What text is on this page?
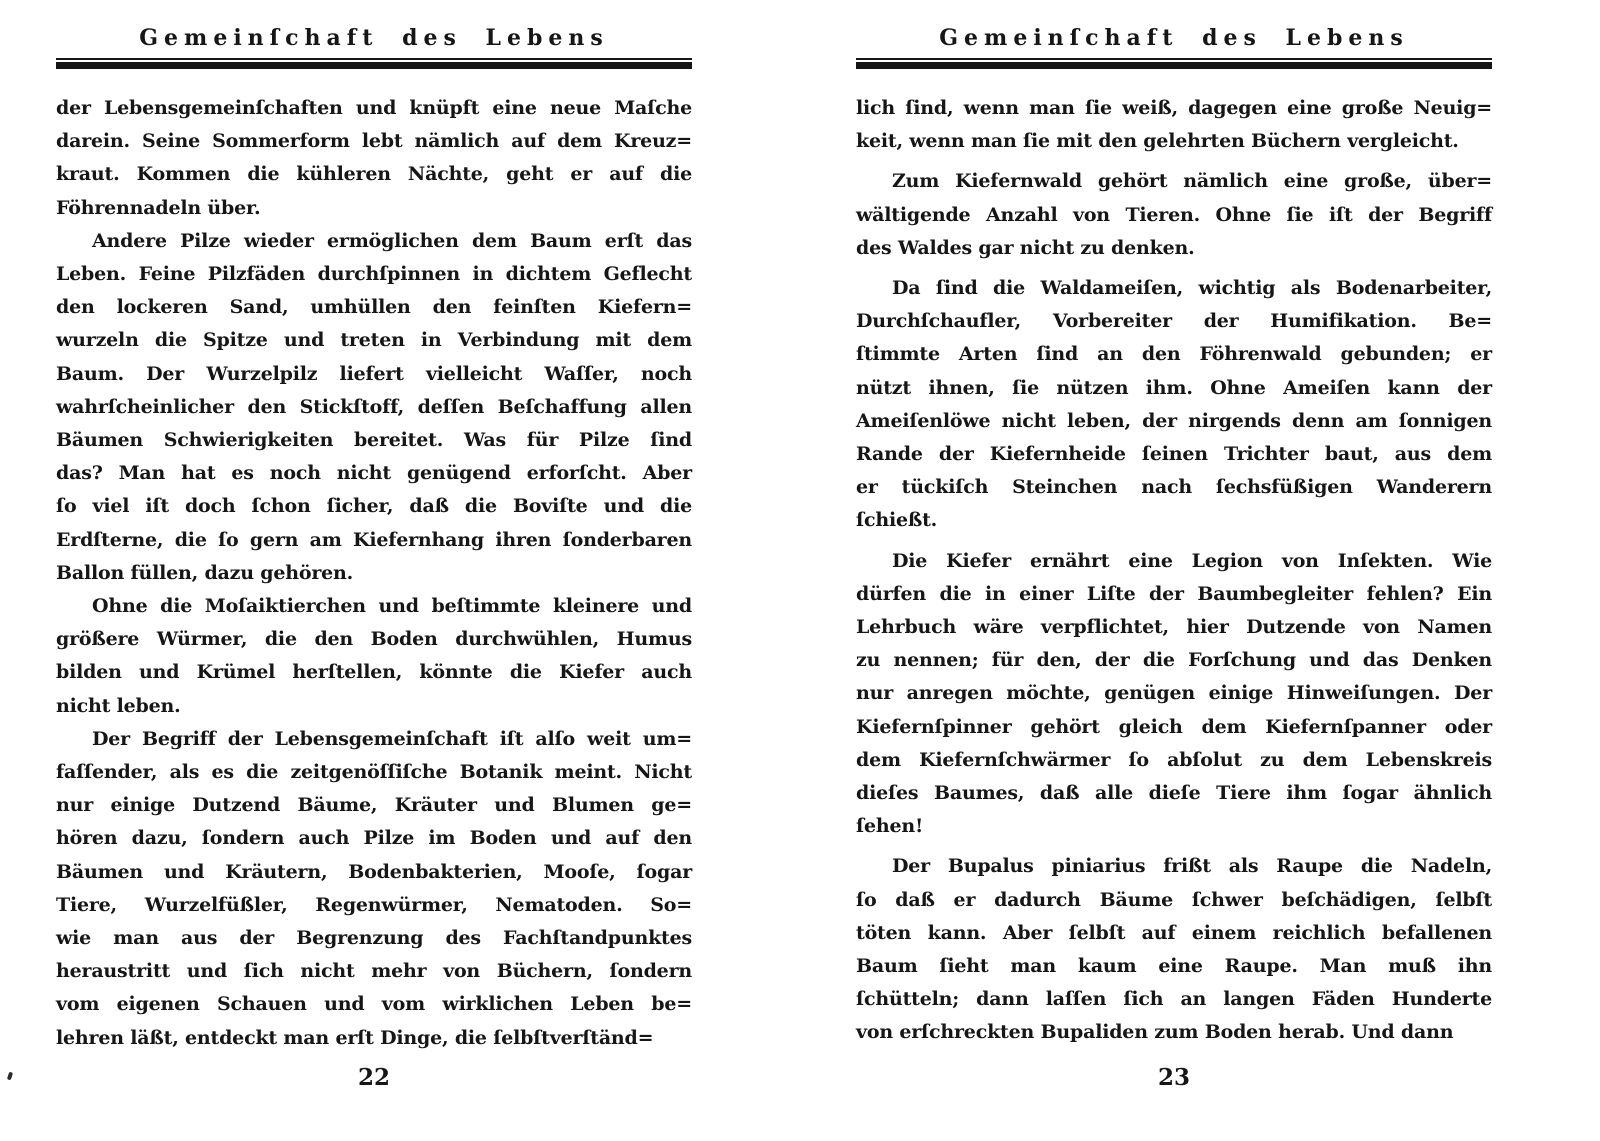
Gemeinſchaft des Lebens
der Lebensgemeinſchaften und knüpft eine neue Maſche
darein. Seine Sommerform lebt nämlich auf dem Kreuz=
kraut. Kommen die kühleren Nächte, geht er auf die
Föhrennadeln über.
Andere Pilze wieder ermöglichen dem Baum erſt das
Leben. Feine Pilzfäden durchſpinnen in dichtem Geflecht
den lockeren Sand, umhüllen den feinſten Kiefern=
wurzeln die Spitze und treten in Verbindung mit dem
Baum. Der Wurzelpilz liefert vielleicht Waſſer, noch
wahrſcheinlicher den Stickſtoff, deſſen Beſchaffung allen
Bäumen Schwierigkeiten bereitet. Was für Pilze ſind
das? Man hat es noch nicht genügend erforſcht. Aber
ſo viel iſt doch ſchon ſicher, daß die Boviſte und die
Erdſterne, die ſo gern am Kiefernhang ihren ſonderbaren
Ballon füllen, dazu gehören.
Ohne die Moſaiktierchen und beſtimmte kleinere und
größere Würmer, die den Boden durchwühlen, Humus
bilden und Krümel herſtellen, könnte die Kiefer auch
nicht leben.
Der Begriff der Lebensgemeinſchaft iſt alſo weit um=
faſſender, als es die zeitgenöſſiſche Botanik meint. Nicht
nur einige Dutzend Bäume, Kräuter und Blumen ge=
hören dazu, ſondern auch Pilze im Boden und auf den
Bäumen und Kräutern, Bodenbakterien, Mooſe, ſogar
Tiere, Wurzelfüßler, Regenwürmer, Nematoden. So=
wie man aus der Begrenzung des Fachſtandpunktes
heraustritt und ſich nicht mehr von Büchern, ſondern
vom eigenen Schauen und vom wirklichen Leben be=
lehren läßt, entdeckt man erſt Dinge, die ſelbſtverſtänd=
22
Gemeinſchaft des Lebens
lich ſind, wenn man ſie weiß, dagegen eine große Neuig=
keit, wenn man ſie mit den gelehrten Büchern vergleicht.
Zum Kiefernwald gehört nämlich eine große, über=
wältigende Anzahl von Tieren. Ohne ſie iſt der Begriff
des Waldes gar nicht zu denken.
Da ſind die Waldameiſen, wichtig als Bodenarbeiter,
Durchſchaufler, Vorbereiter der Humifikation. Be=
ſtimmte Arten ſind an den Föhrenwald gebunden; er
nützt ihnen, ſie nützen ihm. Ohne Ameiſen kann der
Ameiſenlöwe nicht leben, der nirgends denn am ſonnigen
Rande der Kiefernheide ſeinen Trichter baut, aus dem
er tückiſch Steinchen nach ſechsfüßigen Wanderern
ſchießt.
Die Kiefer ernährt eine Legion von Inſekten. Wie
dürfen die in einer Liſte der Baumbegleiter fehlen? Ein
Lehrbuch wäre verpflichtet, hier Dutzende von Namen
zu nennen; für den, der die Forſchung und das Denken
nur anregen möchte, genügen einige Hinweiſungen. Der
Kiefernſpinner gehört gleich dem Kiefernſpanner oder
dem Kiefernſchwärmer ſo abſolut zu dem Lebenskreis
dieſes Baumes, daß alle dieſe Tiere ihm ſogar ähnlich
ſehen!
Der Bupalus piniarius frißt als Raupe die Nadeln,
ſo daß er dadurch Bäume ſchwer beſchädigen, ſelbſt
töten kann. Aber ſelbſt auf einem reichlich befallenen
Baum ſieht man kaum eine Raupe. Man muß ihn
ſchütteln; dann laſſen ſich an langen Fäden Hunderte
von erſchreckten Bupaliden zum Boden herab. Und dann
23
